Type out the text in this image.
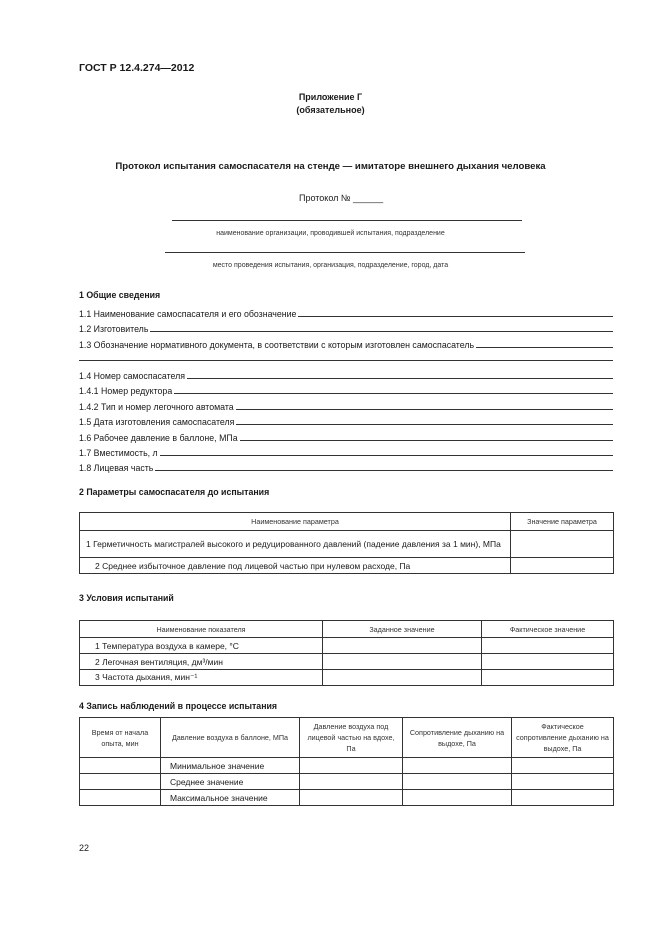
ГОСТ Р 12.4.274—2012
Приложение Г
(обязательное)
Протокол испытания самоспасателя на стенде — имитаторе внешнего дыхания человека
Протокол № ______
наименование организации, проводившей испытания, подразделение
место проведения испытания, организация, подразделение, город, дата
1 Общие сведения
1.1 Наименование самоспасателя и его обозначение
1.2 Изготовитель
1.3 Обозначение нормативного документа, в соответствии с которым изготовлен самоспасатель
1.4 Номер самоспасателя
1.4.1 Номер редуктора
1.4.2 Тип и номер легочного автомата
1.5 Дата изготовления самоспасателя
1.6 Рабочее давление в баллоне, МПа
1.7 Вместимость, л
1.8 Лицевая часть
2 Параметры самоспасателя до испытания
Наименование параметра	Значение параметра
1 Герметичность магистралей высокого и редуцированного давлений (падение давления за 1 мин), МПа	
2 Среднее избыточное давление под лицевой частью при нулевом расходе, Па	
3 Условия испытаний
Наименование показателя	Заданное значение	Фактическое значение
1 Температура воздуха в камере, °C		
2 Легочная вентиляция, дм³/мин		
3 Частота дыхания, мин⁻¹		
4 Запись наблюдений в процессе испытания
Время от начала опыта, мин	Давление воздуха в баллоне, МПа	Давление воздуха под лицевой частью на вдохе, Па	Сопротивление дыханию на выдохе, Па	Фактическое сопротивление дыханию на выдохе, Па
	Минимальное значение			
	Среднее значение			
	Максимальное значение			
22
